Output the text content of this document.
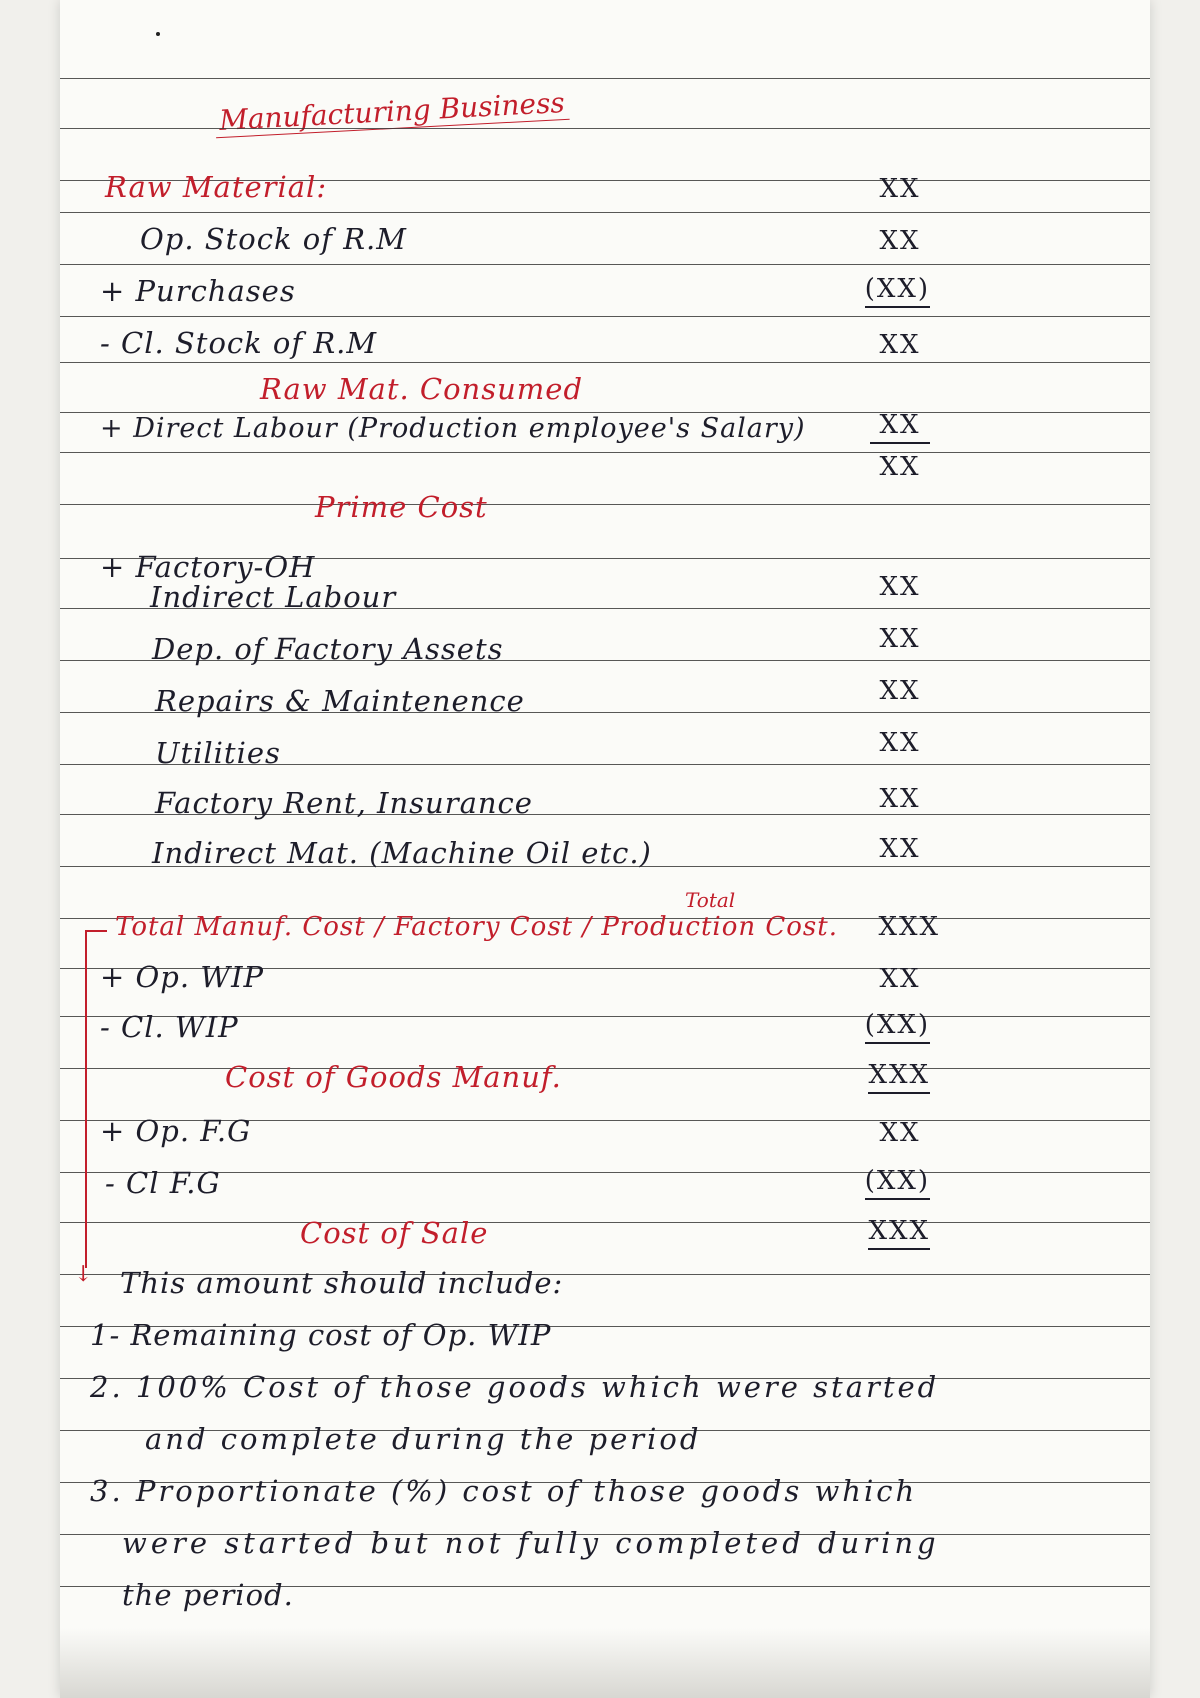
Manufacturing Business
Raw Material:	XX
Op. Stock of R.M	XX
+ Purchases	(XX)
- Cl. Stock of R.M	XX
Raw Mat. Consumed
+ Direct Labour (Production employee's Salary)	XX
XX
Prime Cost
+ Factory-OH
Indirect Labour	XX
Dep. of Factory Assets	XX
Repairs & Maintenence	XX
Utilities	XX
Factory Rent, Insurance	XX
Indirect Mat. (Machine Oil etc.)	XX
Total
Total Manuf. Cost / Factory Cost / Production Cost. XXX
+ Op. WIP	XX
- Cl. WIP	(XX)
Cost of Goods Manuf.	XXX
+ Op. F.G	XX
- Cl F.G	(XX)
Cost of Sale	XXX
↓ This amount should include:
1- Remaining cost of Op. WIP
2. 100% Cost of those goods which were started
and complete during the period
3. Proportionate (%) cost of those goods which
were started but not fully completed during
the period.
